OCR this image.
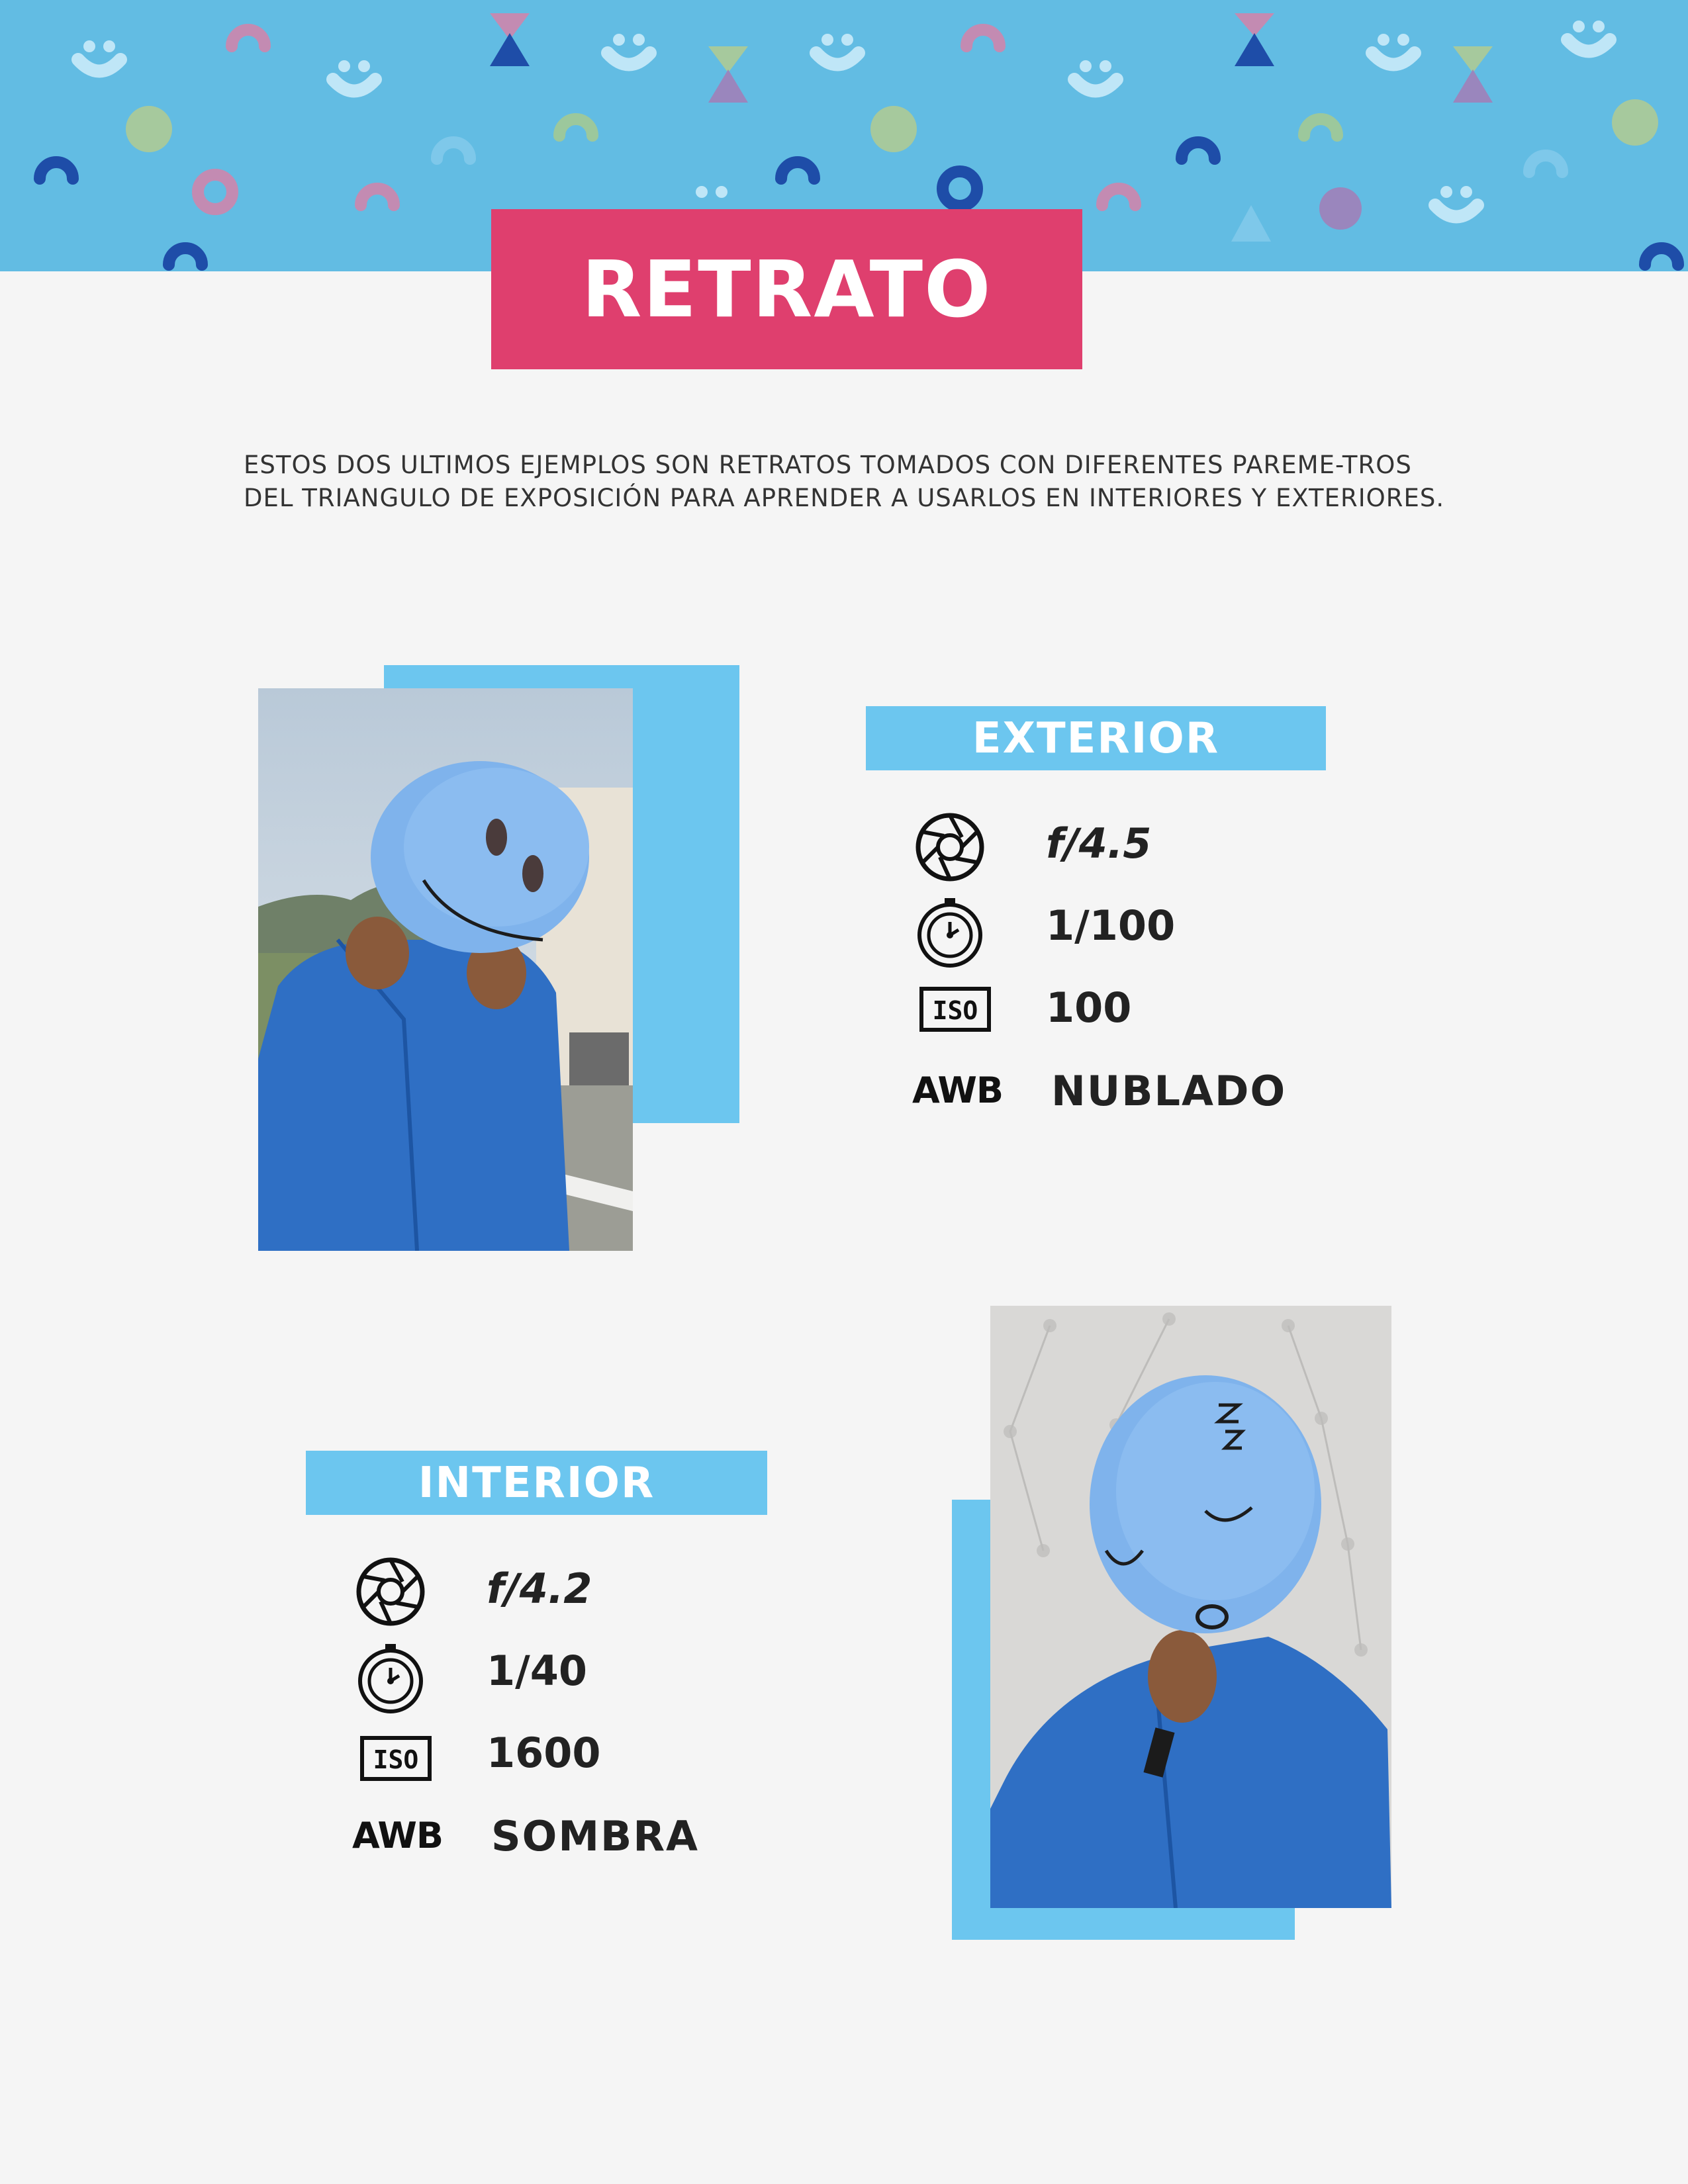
RETRATO
ESTOS DOS ULTIMOS EJEMPLOS SON RETRATOS TOMADOS CON DIFERENTES PAREME-TROS DEL TRIANGULO DE EXPOSICIÓN PARA APRENDER A USARLOS EN INTERIORES Y EXTERIORES.
EXTERIOR
f/4.5
1/100
ISO 100
AWB NUBLADO
INTERIOR
f/4.2
1/40
ISO 1600
AWB SOMBRA
